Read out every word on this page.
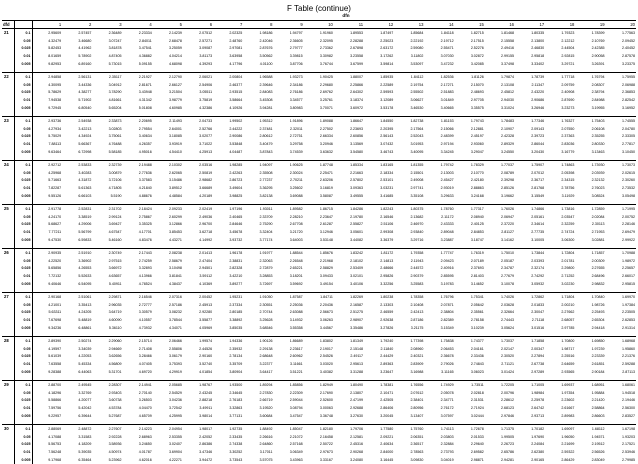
F Table (continue)
dfn
dfd		1	2	3	4	5	6	7	8	9	10	11	12	13	14	15	16	17	18	19	20
21	0.1	2.95609	2.57457	2.36489	2.23334	2.14239	2.07512	2.02325	1.98186	1.94797	1.91960	1.89553	1.87497	1.85684	1.84118	1.82715	1.81468	1.80335	1.79323	1.78399	1.77563
	0.05	4.32479	3.46680	3.07247	2.84011	2.68478	2.57271	2.48760	2.42046	2.36605	2.32095	2.28288	2.25023	2.22192	2.19712	2.17515	2.15558	2.13800	2.12212	2.10769	2.09452
	0.025	5.82453	4.41962	3.81878	3.47541	3.25059	3.09087	2.97081	2.87676	2.79777	2.73362	2.67898	2.63172	2.59080	2.55471	2.52276	2.49416	2.46830	2.44504	2.42385	2.40452
	0.01	8.01659	5.78902	4.87405	4.36882	4.04214	3.81173	3.63958	3.50562	3.39815	3.30982	3.23558	3.17262	3.11802	3.07030	3.02872	2.99155	2.95818	2.92815	2.90058	2.87578
	0.005	9.82953	6.89160	5.73015	5.09155	4.68098	4.39293	4.17796	4.01100	3.87706	3.76744	3.67599	3.59814	3.53097	3.47232	3.42085	3.37498	3.33402	3.29721	3.26391	3.23375

22	0.1	2.94858	2.56131	2.35117	2.21927	2.12790	2.06021	2.00804	1.96588	1.93273	1.90425	1.88007	1.85935	1.84112	1.82536	1.81126	1.79874	1.78739	1.77718	1.76794	1.75955
	0.05	4.30095	3.44336	3.04912	2.81671	2.66127	2.54906	2.46377	2.39646	2.34186	2.29680	2.25866	2.22589	2.19754	2.17271	2.15070	2.13108	2.11347	2.09759	2.08307	2.06988
	0.025	5.78629	4.38277	3.78290	3.43948	3.21504	3.05511	2.93515	2.84083	2.76186	2.69762	2.64302	2.59593	2.55502	2.51883	2.48693	2.45812	2.43220	2.40908	2.38794	2.36853
	0.01	7.94538	5.71902	4.81661	4.31342	3.98779	3.75819	3.58664	3.45308	3.34577	3.25761	3.18374	3.12089	3.06627	3.01849	2.97705	2.94030	2.90686	2.87690	2.84988	2.82542
	0.005	9.72945	6.80540	5.65204	5.01808	4.60985	4.32386	4.10926	3.94281	3.80983	3.70071	3.60972	3.53178	3.46530	3.40665	3.35575	3.31024	3.26946	3.23273	3.19955	3.16952

23	0.1	2.93736	2.54938	2.33873	2.20695	2.11493	2.04733	1.99502	1.95312	1.91896	1.89088	1.86647	1.84550	1.82738	1.81153	1.79743	1.78483	1.77346	1.76327	1.75403	1.74555
	0.05	4.27934	3.42213	3.02803	2.79554	2.64001	2.52766	2.44222	2.37481	2.32011	2.27502	2.23693	2.20395	2.17564	2.15066	2.12881	2.10907	2.09143	2.07550	2.06108	2.04780
	0.025	5.75029	4.34924	3.75061	3.40634	3.18085	3.02077	2.90086	2.80612	2.72751	2.66334	2.60856	2.56143	2.52043	2.48399	2.45197	2.42328	2.39723	2.37363	2.35255	2.33305
	0.01	7.88113	5.66367	4.76488	4.26357	3.93919	3.71022	3.53848	3.40479	3.29758	3.20946	3.13569	3.07432	3.01953	2.97194	2.93060	2.89329	2.86044	2.83036	2.80330	2.77817
	0.005	9.63464	6.72998	5.58185	4.95016	4.54410	4.25913	4.04487	3.87843	3.74539	3.63632	3.54580	3.46743	3.40095	3.34245	3.29047	3.24550	3.20430	3.16779	3.13463	3.10450

24	0.1	2.92712	2.53833	2.32739	2.19488	2.10302	2.03516	1.98285	1.94097	1.90625	1.87748	1.85334	1.83165	1.81355	1.79742	1.78329	1.77037	1.75907	1.74863	1.73930	1.73073
	0.05	4.25968	3.40283	3.00879	2.77636	2.62065	2.50819	2.42263	2.35508	2.30024	2.25471	2.21663	2.18334	2.15501	2.13003	2.10770	2.08789	2.07012	2.05398	2.03939	2.02615
	0.025	5.71663	4.31872	3.72106	3.37583	3.15486	2.98682	2.86723	2.77237	2.70211	2.63206	2.57802	2.53101	2.49008	2.45427	2.42180	2.39298	2.36717	2.34315	2.32132	2.30260
	0.01	7.82287	5.61363	4.71805	4.21840	3.89512	3.66689	3.49604	3.36295	3.25602	3.16819	3.09363	3.03231	2.97741	2.93019	2.88863	2.85126	2.81768	2.78756	2.76023	2.73532
	0.005	9.55126	6.66103	5.5190	4.88676	4.48584	4.20189	3.98825	3.82138	3.69088	3.58087	3.49555	3.41685	3.35108	3.29633	3.24168	3.19662	3.15549	3.11929	3.08524	3.05498

25	0.1	2.91778	2.52831	2.31702	2.18424	2.09233	2.02419	1.97196	1.93011	1.89582	1.86715	1.84286	1.82243	1.80375	1.78760	1.77317	1.76026	1.74866	1.73816	1.72859	1.71995
	0.05	4.24170	3.38519	2.99124	2.75867	2.60299	2.49036	2.40465	2.33709	2.28210	2.23647	2.19780	2.16546	2.13682	2.11172	2.08940	2.06947	2.05161	2.03547	2.02084	2.00752
	0.025	5.68627	4.29006	3.69427	3.35325	3.12866	2.96700	2.84646	2.75290	2.67708	2.61287	2.55827	2.51106	2.46970	2.43333	2.40125	2.37220	2.34614	2.32259	2.30113	2.28146
	0.01	7.77211	5.56799	4.67547	4.17701	3.85453	3.62718	3.45678	3.32404	3.21720	3.12946	3.05601	2.99308	2.93840	2.89048	2.84853	2.81127	2.77735	2.74724	2.71953	2.69479
	0.005	9.47530	6.59833	5.46160	4.83476	4.43271	4.14992	3.93732	3.77174	3.64003	3.53148	3.44082	3.36379	3.29716	3.23887	3.18747	3.14162	3.10005	3.06300	3.02881	2.99922

26	0.1	2.90935	2.51910	2.30749	2.17443	2.08238	2.01413	1.96178	1.91977	1.88544	1.85676	1.83242	1.81172	1.79358	1.77747	1.76319	1.75010	1.73844	1.72804	1.71857	1.70988
	0.05	4.22520	3.36902	2.97515	2.74259	2.58679	2.47404	2.38831	2.32063	2.26548	2.21968	2.18102	2.14813	2.11943	2.09423	2.07189	2.05187	2.03393	2.01781	2.00309	1.98972
	0.025	5.65856	4.26553	3.66972	3.32893	3.10498	2.94501	2.82328	2.72879	2.65221	2.58829	2.53409	2.48666	2.44572	2.40916	2.37693	2.34787	2.32174	2.29800	2.27655	2.25657
	0.01	7.72132	5.52633	4.63657	4.13966	3.81841	3.59112	3.42210	3.28853	3.18201	3.09433	3.02101	2.95826	2.90379	2.85595	2.81403	2.77679	2.74292	2.71252	2.68496	2.66017
	0.005	9.40646	6.54095	5.40911	4.78524	4.38437	4.10369	3.89277	3.72697	3.59692	3.49154	3.40106	3.32256	3.25583	3.19783	3.14652	3.10078	3.05932	3.02230	2.98832	2.95815

27	0.1	2.90168	2.51061	2.29871	2.16546	2.07316	2.00452	1.95231	1.91050	1.87587	1.84711	1.82269	1.80238	1.78358	1.76796	1.75341	1.74026	1.72862	1.71804	1.70840	1.69970
	0.05	4.21001	3.35413	2.96035	2.72777	2.57186	2.45913	2.37334	2.30551	2.25036	2.20436	2.16587	2.13303	2.10408	2.07871	2.05642	2.03628	2.01833	2.00210	1.98726	1.97384
	0.025	5.63311	4.24205	3.64719	3.30579	3.08232	2.92280	2.80185	2.70744	2.63088	2.56673	2.51275	2.46559	2.42413	2.38804	2.35561	2.32664	2.30047	2.27662	2.25493	2.23505
	0.01	7.67698	5.48819	4.60090	4.10557	3.78544	3.55877	3.38892	3.25628	3.14932	3.06263	2.98907	2.92638	2.87186	2.82389	2.78158	2.74443	2.71118	2.68057	2.65304	2.62853
	0.005	9.34236	6.48861	5.36110	4.73932	4.34071	4.05969	3.85035	3.68546	3.55358	3.44567	3.35486	3.27826	3.21175	3.15349	3.10239	3.05624	3.01516	2.97785	2.94418	2.91314

28	0.1	2.89390	2.50274	2.29060	2.15714	2.06466	1.99574	1.94336	1.90126	1.86689	1.83802	1.81349	1.79240	1.77398	1.75838	1.74377	1.73037	1.71858	1.70800	1.69850	1.68968
	0.05	4.19597	3.34039	2.94669	2.71408	2.55806	2.44526	2.35932	2.29138	2.23617	2.19017	2.15148	2.11840	2.08960	2.06453	2.04161	2.02147	2.00347	1.98717	1.97239	1.95860
	0.025	5.61039	4.22053	3.62656	3.28466	3.06179	2.90160	2.78134	2.68648	2.60962	2.54526	2.49117	2.44429	2.40321	2.36678	2.33436	2.30520	2.27894	2.25516	2.23339	2.21376
	0.01	7.63558	5.45334	4.56809	4.07405	3.75393	3.52740	3.35709	3.22377	3.11661	3.03020	2.95613	2.89363	2.83909	2.79026	2.74843	2.71121	2.67738	2.64659	2.61851	2.59288
	0.005	9.28388	6.44063	5.31701	4.69720	4.29919	4.01854	3.80904	3.64417	3.51221	3.40382	3.31288	3.23647	3.16988	3.11165	3.06023	3.01424	2.97289	2.93565	2.90184	2.87113

29	0.1	2.88700	2.49545	2.28307	2.14941	2.05685	1.98767	1.93500	1.89294	1.85856	1.82949	1.80490	1.78381	1.76556	1.74929	1.73511	1.72205	1.71005	1.69937	1.68951	1.68061
	0.05	4.18296	3.32769	2.93403	2.70140	2.54529	2.43245	2.34645	2.27830	2.22309	2.17690	2.13807	2.10471	2.07612	2.05078	2.02818	2.00796	1.98984	1.97354	1.95884	1.94518
	0.025	5.58866	4.20077	3.60738	3.26503	3.04236	2.88218	2.76183	2.66719	2.59044	2.52600	2.47199	2.42505	2.38401	2.34771	2.31531	2.28612	2.25978	2.23602	2.21420	2.19446
	0.01	7.59756	5.42042	4.53784	4.04470	3.72542	3.49911	3.32863	3.19520	3.08794	3.00063	2.92688	2.86406	2.80956	2.76172	2.71924	2.68123	2.64742	2.61667	2.58864	2.56300
	0.005	9.22957	6.39644	5.27687	4.65709	4.25995	3.98014	3.77131	3.60684	3.47547	3.36748	3.27630	3.20045	3.13407	3.07597	3.02444	2.97846	2.93713	2.89983	2.86603	2.83527

30	0.1	2.88069	2.48872	2.27607	2.14223	2.04954	1.98017	1.92735	1.88492	1.85047	1.82180	1.79706	1.77580	1.75760	1.74113	1.72678	1.71375	1.70182	1.69097	1.68112	1.67198
	0.05	4.17088	3.31583	2.92228	2.68963	2.53355	2.42052	2.33435	2.26616	2.21072	2.16458	2.12581	2.09221	2.06351	2.03803	2.01533	1.99505	1.97690	1.96050	1.94571	1.93203
	0.025	5.56753	4.18209	3.58936	3.24650	3.02407	2.86386	2.74338	2.64860	2.57168	2.50722	2.45316	2.40634	2.36517	2.32884	2.29640	2.26723	2.24084	2.21699	2.19512	2.17521
	0.01	7.56248	5.39035	4.50974	4.01787	3.69904	3.47346	3.30252	3.17011	3.06349	2.97673	2.90268	2.84000	2.78563	2.73793	2.69582	2.65786	2.62380	2.59322	2.56526	2.53946
	0.005	9.17968	6.35464	5.23962	4.62016	4.22271	3.94472	3.73543	3.57075	3.43963	3.33167	3.24080	3.16445	3.09830	3.04019	2.98871	2.94281	2.90165	2.86429	2.83049	2.79985
